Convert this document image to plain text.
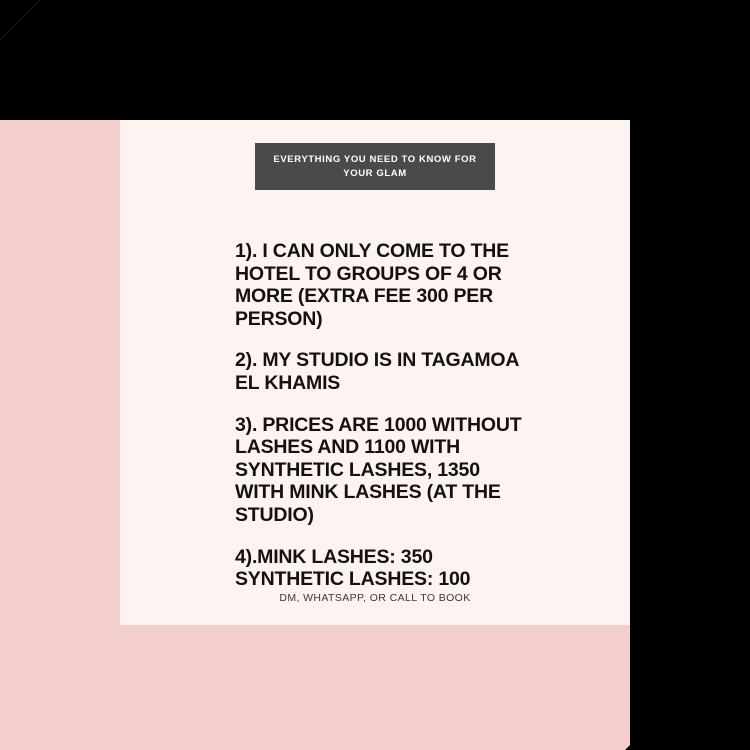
EVERYTHING YOU NEED TO KNOW FOR YOUR GLAM
1). I CAN ONLY COME TO THE HOTEL TO GROUPS OF 4 OR MORE (EXTRA FEE 300 PER PERSON)
2). MY STUDIO IS IN TAGAMOA EL KHAMIS
3). PRICES ARE 1000 WITHOUT LASHES AND 1100 WITH SYNTHETIC LASHES, 1350 WITH MINK LASHES (AT THE STUDIO)
4).MINK LASHES: 350 SYNTHETIC LASHES: 100
DM, WHATSAPP, OR CALL TO BOOK
